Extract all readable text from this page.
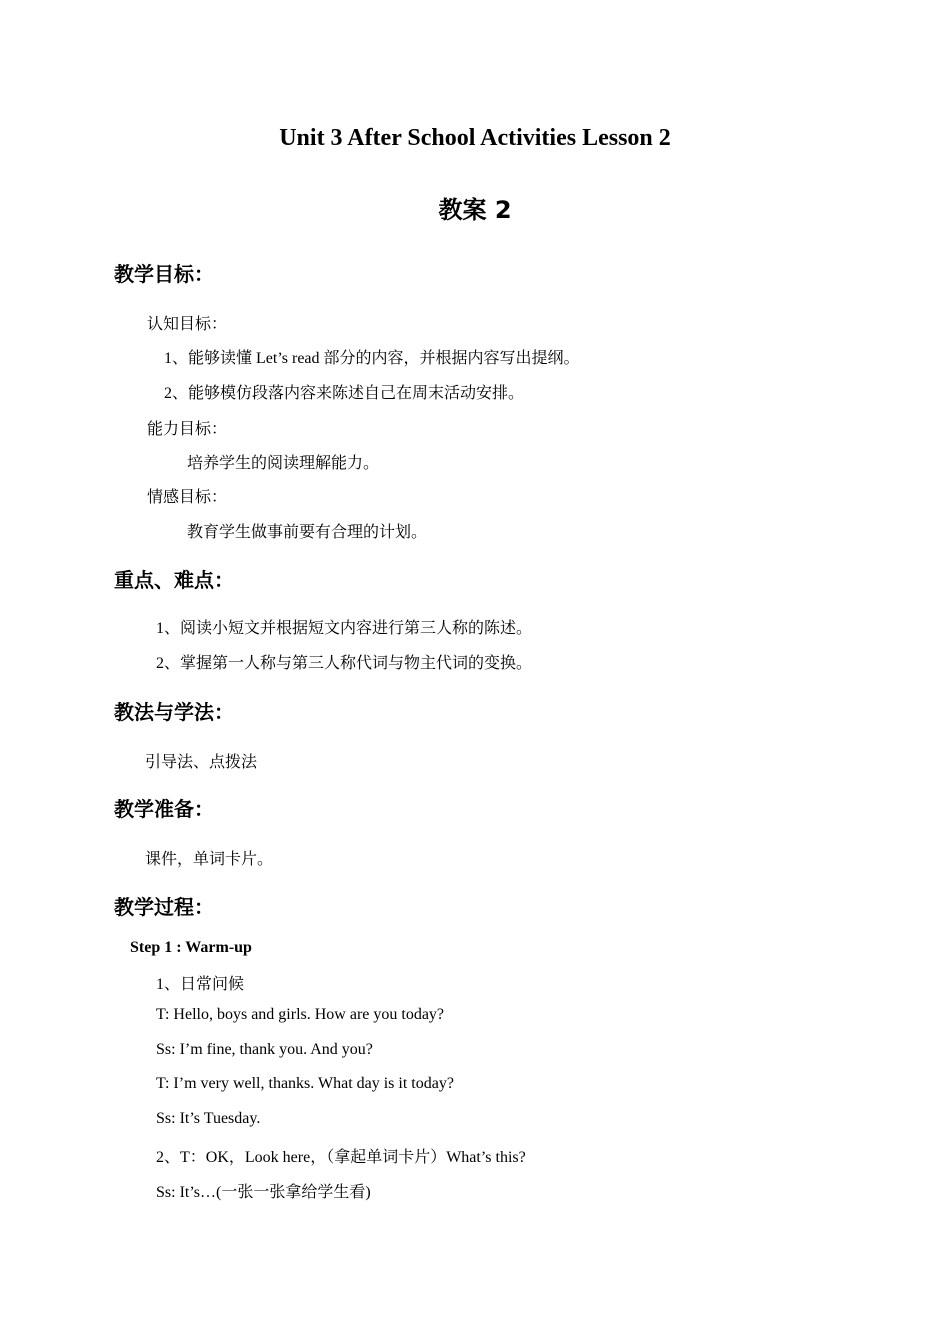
Unit 3 After School Activities Lesson 2
教案 2
教学目标：
认知目标：
1、能够读懂 Let’s read 部分的内容，并根据内容写出提纲。
2、能够模仿段落内容来陈述自己在周末活动安排。
能力目标：
培养学生的阅读理解能力。
情感目标：
教育学生做事前要有合理的计划。
重点、难点：
1、阅读小短文并根据短文内容进行第三人称的陈述。
2、掌握第一人称与第三人称代词与物主代词的变换。
教法与学法：
引导法、点拨法
教学准备：
课件，单词卡片。
教学过程：
Step 1 : Warm-up
1、日常问候
T: Hello, boys and girls. How are you today?
Ss: I’m fine, thank you. And you?
T: I’m very well, thanks. What day is it today?
Ss: It’s Tuesday.
2、T：OK，Look here，（拿起单词卡片）What’s this?
Ss: It’s…(一张一张拿给学生看)
